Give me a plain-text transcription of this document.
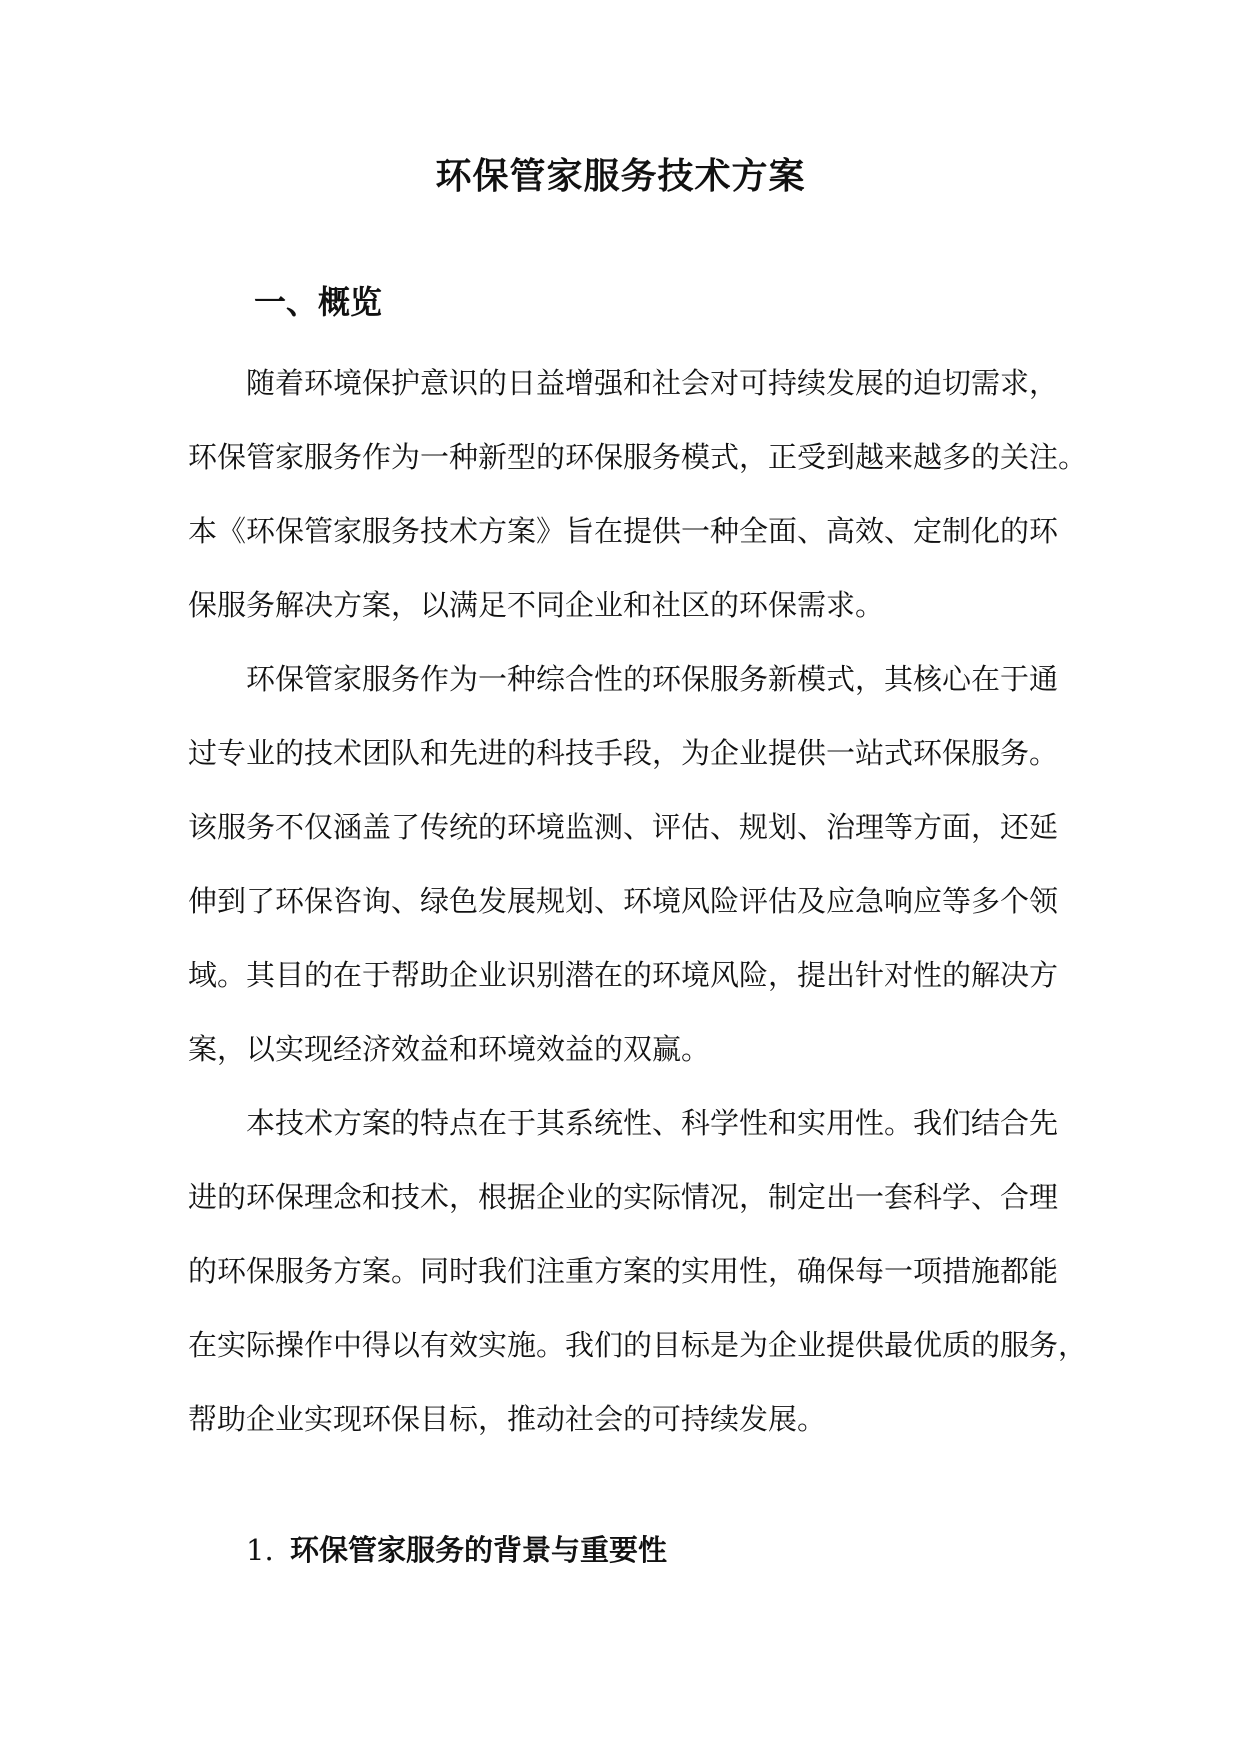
环保管家服务技术方案
一、概览
随着环境保护意识的日益增强和社会对可持续发展的迫切需求，
环保管家服务作为一种新型的环保服务模式，正受到越来越多的关注。
本《环保管家服务技术方案》旨在提供一种全面、高效、定制化的环
保服务解决方案，以满足不同企业和社区的环保需求。
环保管家服务作为一种综合性的环保服务新模式，其核心在于通
过专业的技术团队和先进的科技手段，为企业提供一站式环保服务。
该服务不仅涵盖了传统的环境监测、评估、规划、治理等方面，还延
伸到了环保咨询、绿色发展规划、环境风险评估及应急响应等多个领
域。其目的在于帮助企业识别潜在的环境风险，提出针对性的解决方
案，以实现经济效益和环境效益的双赢。
本技术方案的特点在于其系统性、科学性和实用性。我们结合先
进的环保理念和技术，根据企业的实际情况，制定出一套科学、合理
的环保服务方案。同时我们注重方案的实用性，确保每一项措施都能
在实际操作中得以有效实施。我们的目标是为企业提供最优质的服务，
帮助企业实现环保目标，推动社会的可持续发展。
1. 环保管家服务的背景与重要性
